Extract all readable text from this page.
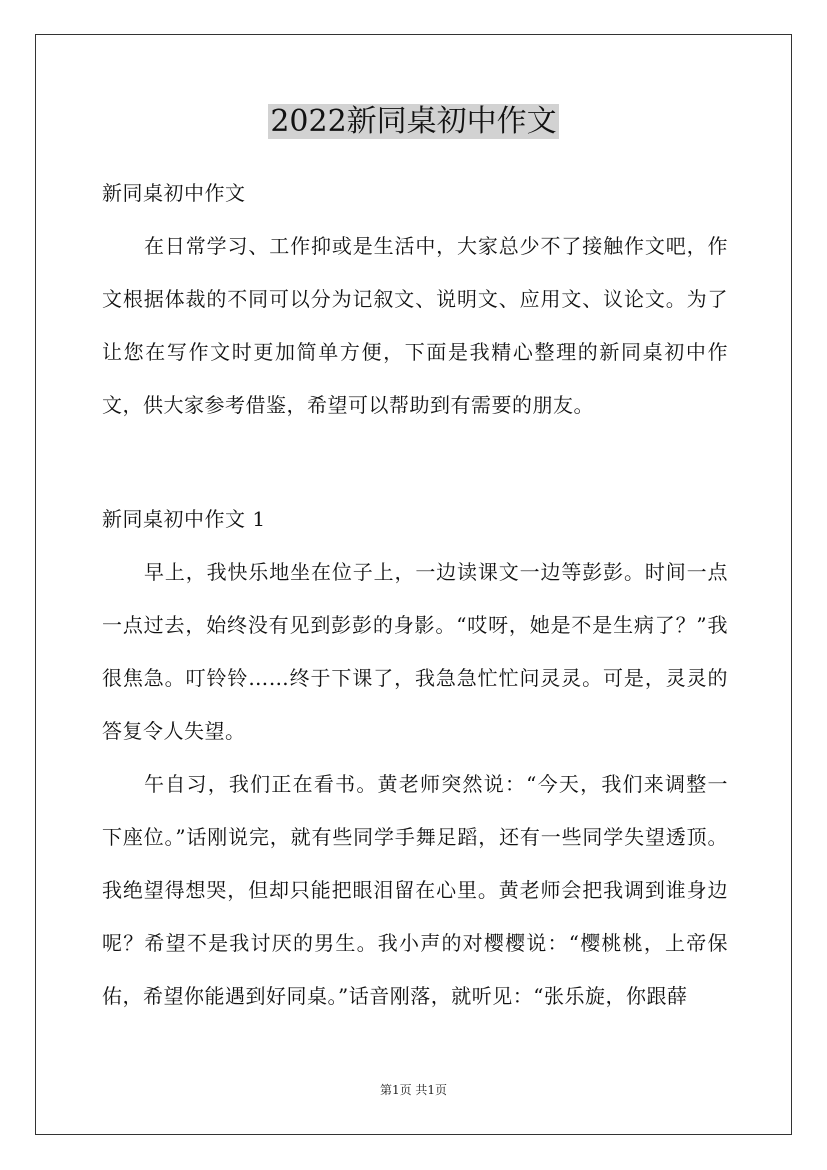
2022新同桌初中作文

新同桌初中作文

在日常学习、工作抑或是生活中，大家总少不了接触作文吧，作文根据体裁的不同可以分为记叙文、说明文、应用文、议论文。为了让您在写作文时更加简单方便，下面是我精心整理的新同桌初中作文，供大家参考借鉴，希望可以帮助到有需要的朋友。

新同桌初中作文 1

早上，我快乐地坐在位子上，一边读课文一边等彭彭。时间一点一点过去，始终没有见到彭彭的身影。“哎呀，她是不是生病了？”我很焦急。叮铃铃……终于下课了，我急急忙忙问灵灵。可是，灵灵的答复令人失望。

午自习，我们正在看书。黄老师突然说：“今天，我们来调整一下座位。”话刚说完，就有些同学手舞足蹈，还有一些同学失望透顶。我绝望得想哭，但却只能把眼泪留在心里。黄老师会把我调到谁身边呢？希望不是我讨厌的男生。我小声的对樱樱说：“樱桃桃，上帝保佑，希望你能遇到好同桌。”话音刚落，就听见：“张乐旋，你跟薛

第1页 共1页
